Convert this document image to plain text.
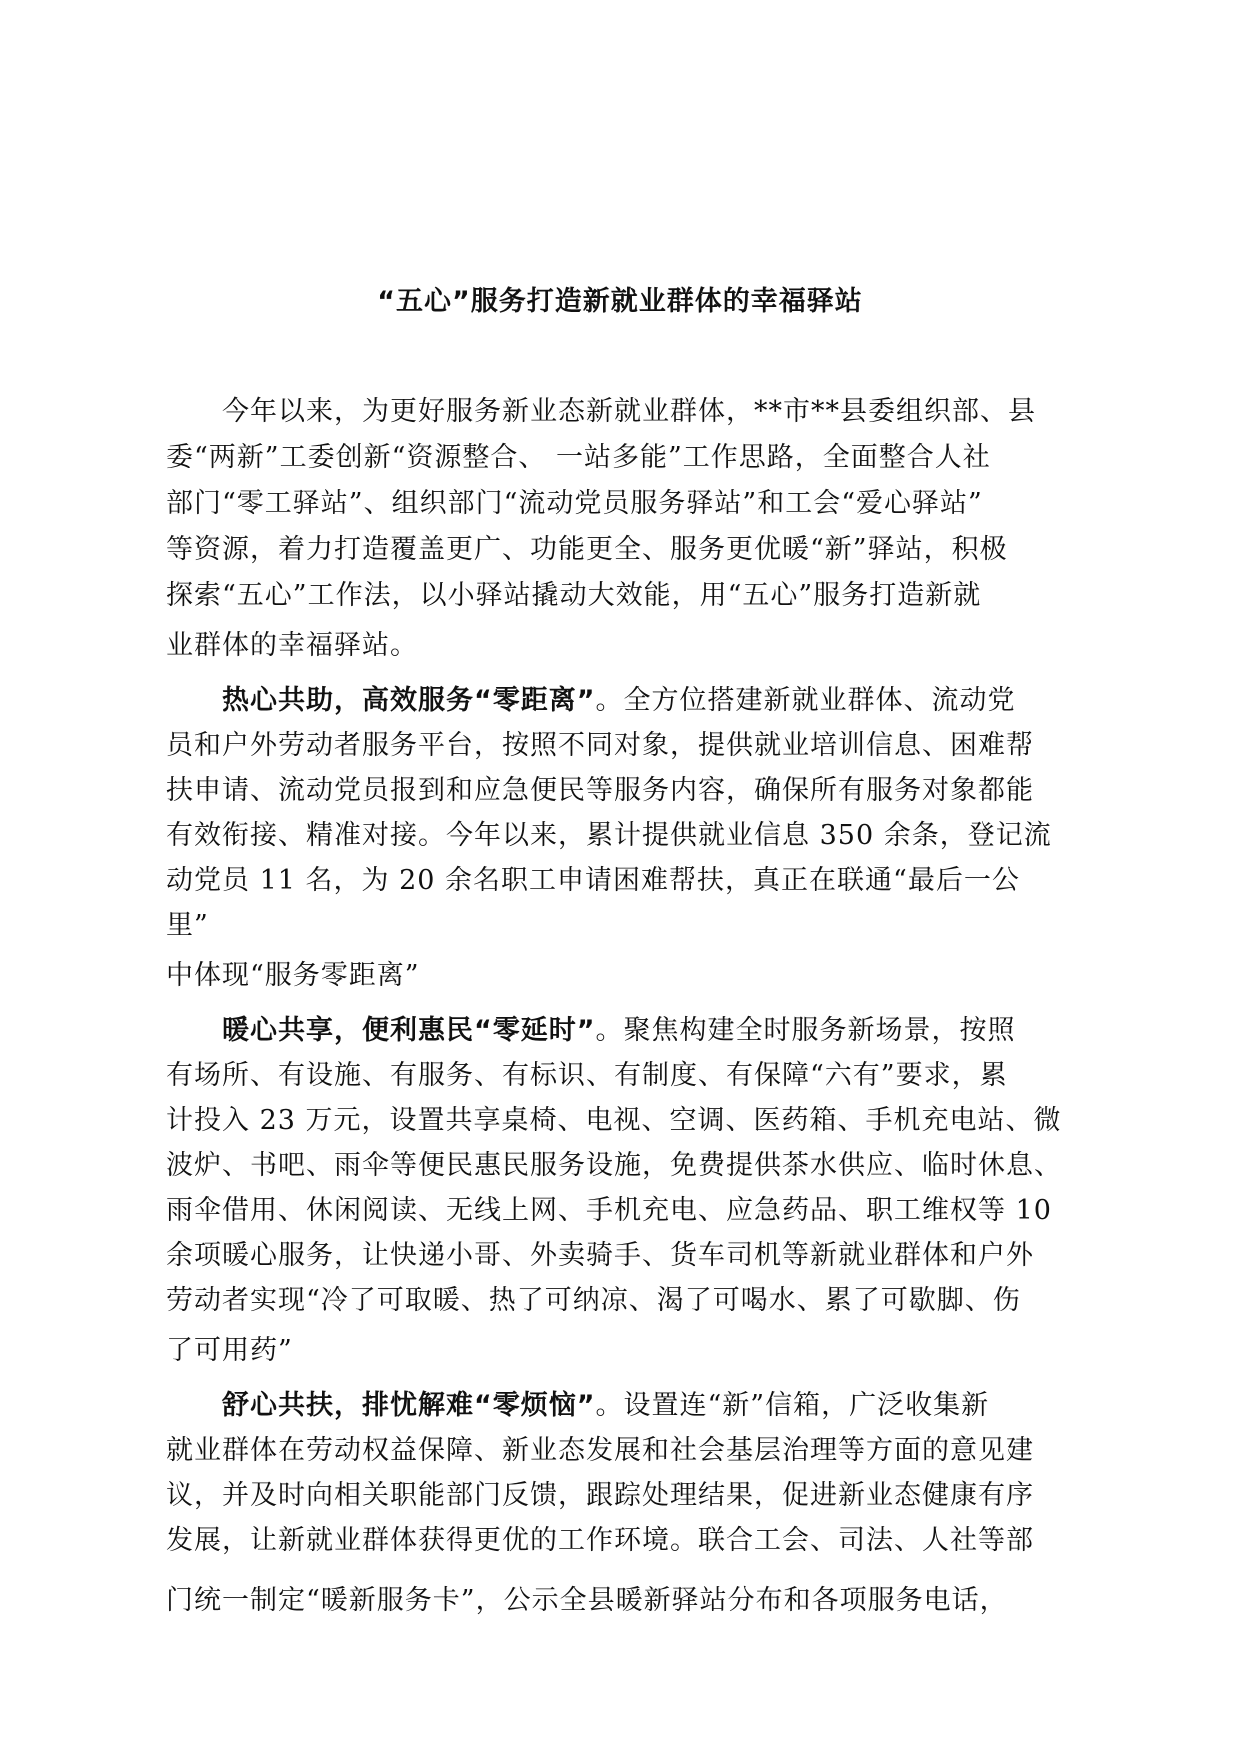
“五心”服务打造新就业群体的幸福驿站
今年以来，为更好服务新业态新就业群体，**市**县委组织部、县
委“两新”工委创新“资源整合、 一站多能”工作思路，全面整合人社
部门“零工驿站”、组织部门“流动党员服务驿站”和工会“爱心驿站”
等资源，着力打造覆盖更广、功能更全、服务更优暖“新”驿站，积极
探索“五心”工作法，以小驿站撬动大效能，用“五心”服务打造新就
业群体的幸福驿站。
热心共助，高效服务“零距离”。全方位搭建新就业群体、流动党
员和户外劳动者服务平台，按照不同对象，提供就业培训信息、困难帮
扶申请、流动党员报到和应急便民等服务内容，确保所有服务对象都能
有效衔接、精准对接。今年以来，累计提供就业信息 350 余条，登记流
动党员 11 名，为 20 余名职工申请困难帮扶，真正在联通“最后一公
里”
中体现“服务零距离”
暖心共享，便利惠民“零延时”。聚焦构建全时服务新场景，按照
有场所、有设施、有服务、有标识、有制度、有保障“六有”要求，累
计投入 23 万元，设置共享桌椅、电视、空调、医药箱、手机充电站、微
波炉、书吧、雨伞等便民惠民服务设施，免费提供茶水供应、临时休息、
雨伞借用、休闲阅读、无线上网、手机充电、应急药品、职工维权等 10
余项暖心服务，让快递小哥、外卖骑手、货车司机等新就业群体和户外
劳动者实现“冷了可取暖、热了可纳凉、渴了可喝水、累了可歇脚、伤
了可用药”
舒心共扶，排忧解难“零烦恼”。设置连“新”信箱，广泛收集新
就业群体在劳动权益保障、新业态发展和社会基层治理等方面的意见建
议，并及时向相关职能部门反馈，跟踪处理结果，促进新业态健康有序
发展，让新就业群体获得更优的工作环境。联合工会、司法、人社等部
门统一制定“暖新服务卡”，公示全县暖新驿站分布和各项服务电话，
